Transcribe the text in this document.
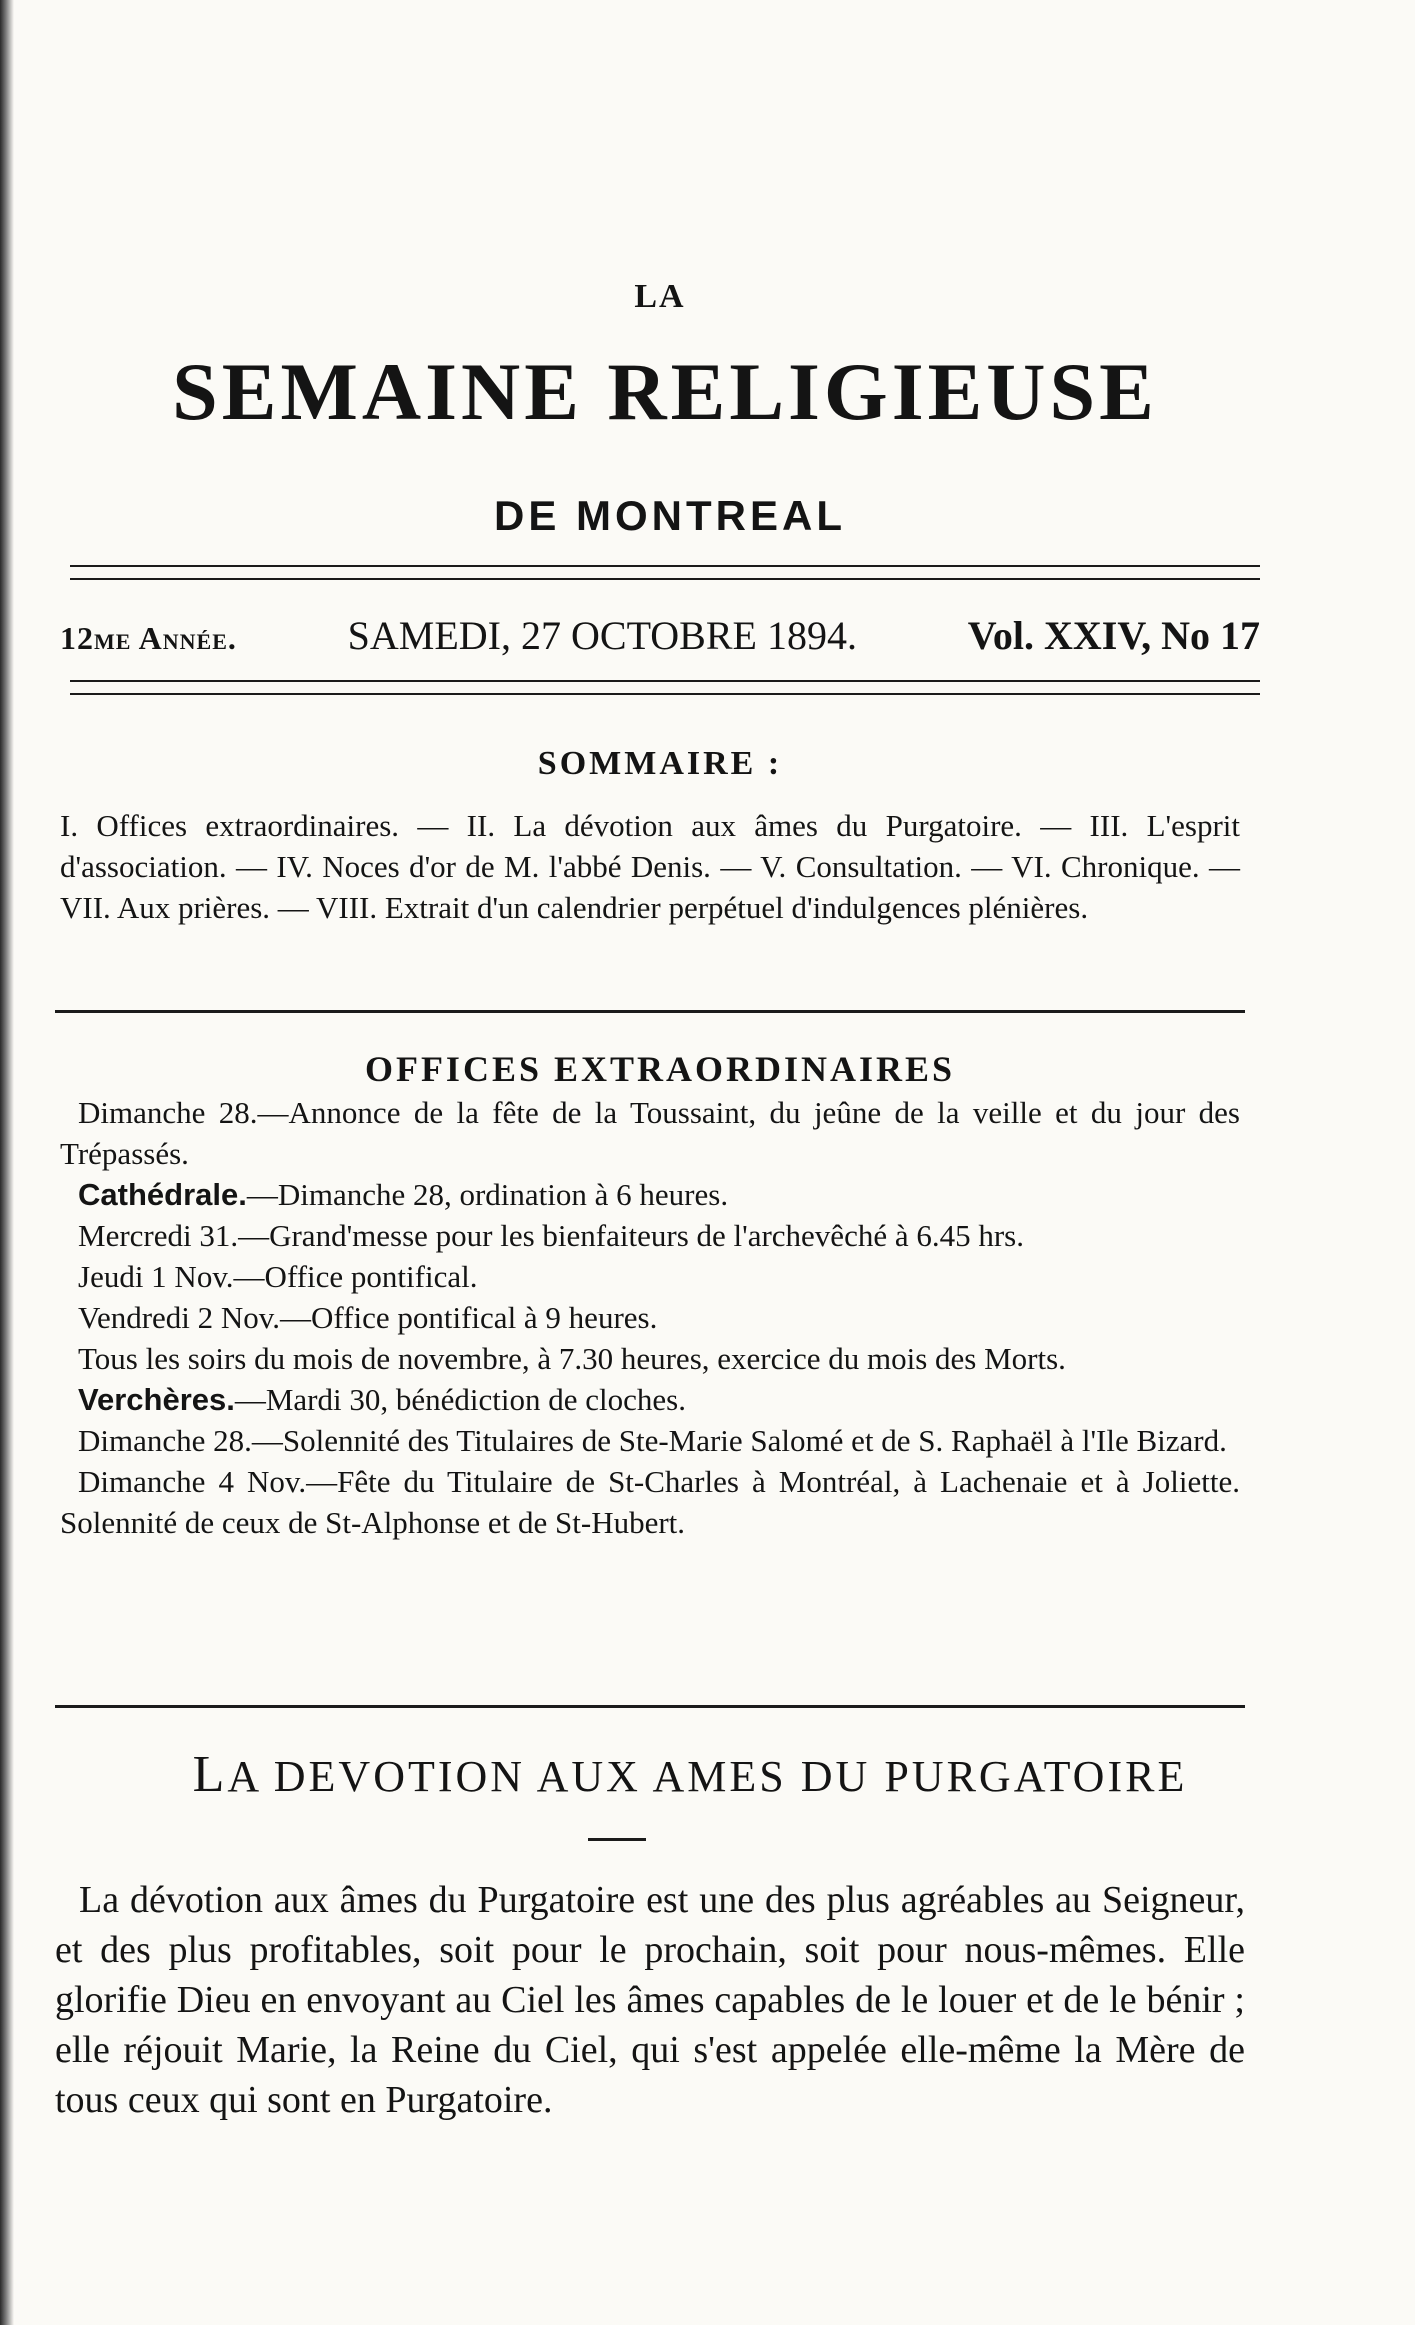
LA
SEMAINE RELIGIEUSE
DE MONTREAL
12me Année.	SAMEDI, 27 OCTOBRE 1894.	Vol. XXIV, No 17
SOMMAIRE :
I. Offices extraordinaires. — II. La dévotion aux âmes du Purgatoire. — III. L'esprit d'association. — IV. Noces d'or de M. l'abbé Denis. — V. Consultation. — VI. Chronique. — VII. Aux prières. — VIII. Extrait d'un calendrier perpétuel d'indulgences plénières.
OFFICES EXTRAORDINAIRES

Dimanche 28.—Annonce de la fête de la Toussaint, du jeûne de la veille et du jour des Trépassés.

Cathédrale.—Dimanche 28, ordination à 6 heures.

Mercredi 31.—Grand'messe pour les bienfaiteurs de l'archevêché à 6.45 hrs.

Jeudi 1 Nov.—Office pontifical.

Vendredi 2 Nov.—Office pontifical à 9 heures.

Tous les soirs du mois de novembre, à 7.30 heures, exercice du mois des Morts.

Verchères.—Mardi 30, bénédiction de cloches.

Dimanche 28.—Solennité des Titulaires de Ste-Marie Salomé et de S. Raphaël à l'Ile Bizard.

Dimanche 4 Nov.—Fête du Titulaire de St-Charles à Montréal, à Lachenaie et à Joliette. Solennité de ceux de St-Alphonse et de St-Hubert.

LA DEVOTION AUX AMES DU PURGATOIRE

La dévotion aux âmes du Purgatoire est une des plus agréables au Seigneur, et des plus profitables, soit pour le prochain, soit pour nous-mêmes. Elle glorifie Dieu en envoyant au Ciel les âmes capables de le louer et de le bénir ; elle réjouit Marie, la Reine du Ciel, qui s'est appelée elle-même la Mère de tous ceux qui sont en Purgatoire.
